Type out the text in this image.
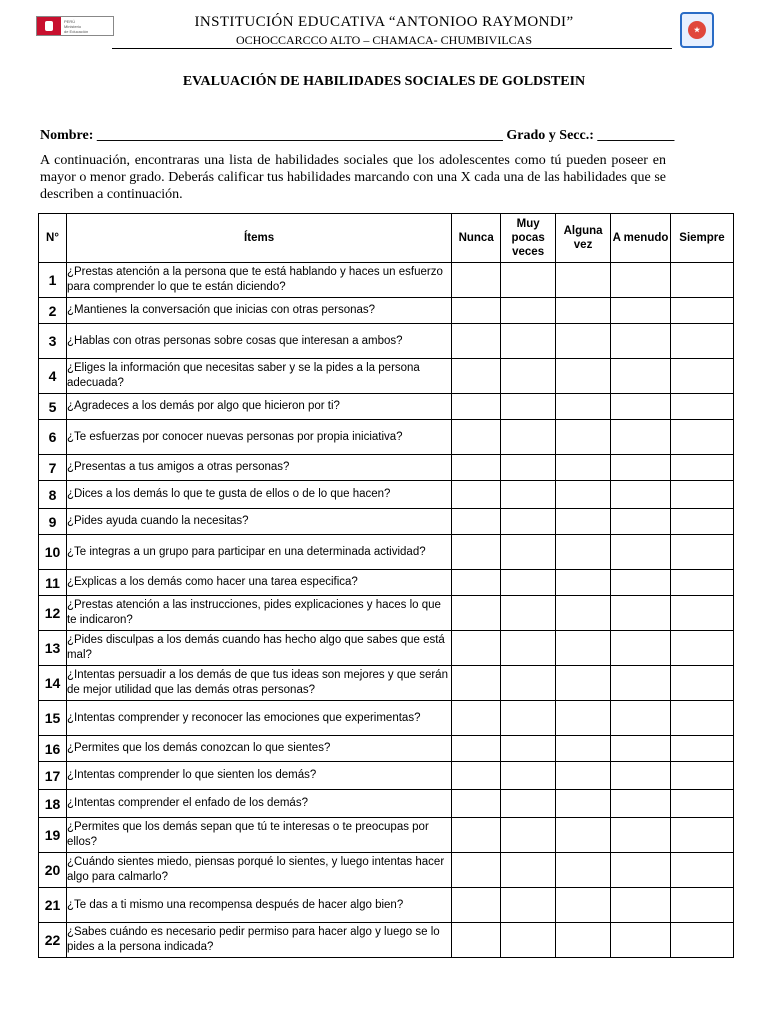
PERÚ
Ministerio
de Educación
INSTITUCIÓN EDUCATIVA “ANTONIOO RAYMONDI”
OCHOCCARCCO ALTO – CHAMACA- CHUMBIVILCAS
★
EVALUACIÓN DE HABILIDADES SOCIALES DE GOLDSTEIN
Nombre: __________________________________________________________ Grado y Secc.: ___________
A continuación, encontraras una lista de habilidades sociales que los adolescentes como tú pueden poseer en mayor o menor grado. Deberás calificar tus habilidades marcando con una X cada una de las habilidades que se describen a continuación.
N°	Ítems	Nunca	Muy pocas veces	Alguna vez	A menudo	Siempre
1	¿Prestas atención a la persona que te está hablando y haces un esfuerzo para comprender lo que te están diciendo?					
2	¿Mantienes la conversación que inicias con otras personas?					
3	¿Hablas con otras personas sobre cosas que interesan a ambos?					
4	¿Eliges la información que necesitas saber y se la pides a la persona adecuada?					
5	¿Agradeces a los demás por algo que hicieron por ti?					
6	¿Te esfuerzas por conocer nuevas personas por propia iniciativa?					
7	¿Presentas a tus amigos a otras personas?					
8	¿Dices a los demás lo que te gusta de ellos o de lo que hacen?					
9	¿Pides ayuda cuando la necesitas?					
10	¿Te integras a un grupo para participar en una determinada actividad?					
11	¿Explicas a los demás como hacer una tarea especifica?					
12	¿Prestas atención a las instrucciones, pides explicaciones y haces lo que te indicaron?					
13	¿Pides disculpas a los demás cuando has hecho algo que sabes que está mal?					
14	¿Intentas persuadir a los demás de que tus ideas son mejores y que serán de mejor utilidad que las demás otras personas?					
15	¿Intentas comprender y reconocer las emociones que experimentas?					
16	¿Permites que los demás conozcan lo que sientes?					
17	¿Intentas comprender lo que sienten los demás?					
18	¿Intentas comprender el enfado de los demás?					
19	¿Permites que los demás sepan que tú te interesas o te preocupas por ellos?					
20	¿Cuándo sientes miedo, piensas porqué lo sientes, y luego intentas hacer algo para calmarlo?					
21	¿Te das a ti mismo una recompensa después de hacer algo bien?					
22	¿Sabes cuándo es necesario pedir permiso para hacer algo y luego se lo pides a la persona indicada?					
